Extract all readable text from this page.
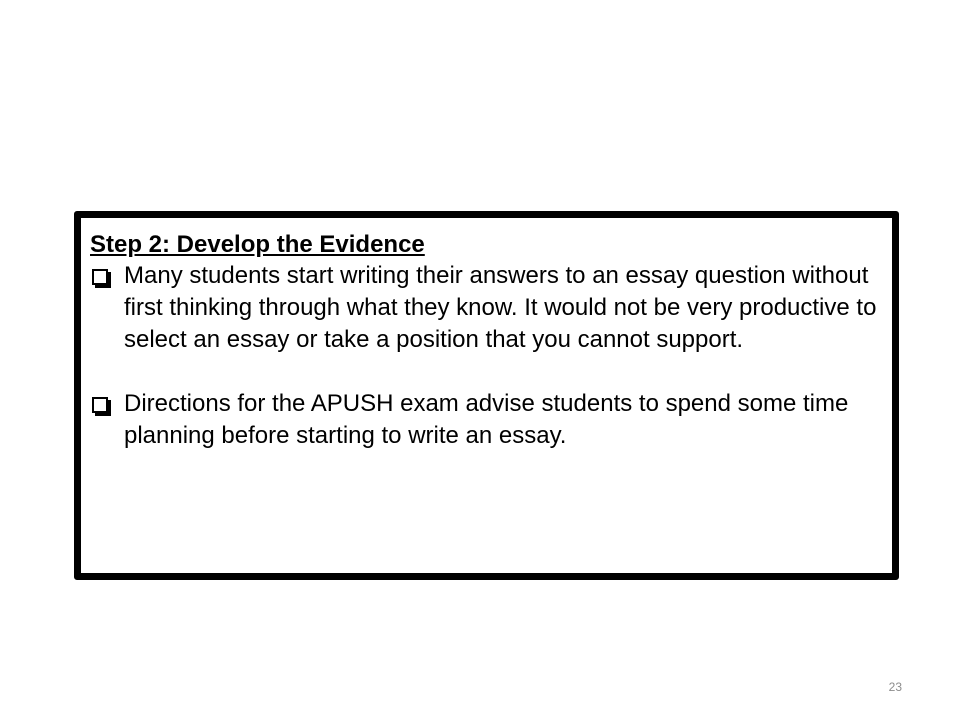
Step 2: Develop the Evidence

Many students start writing their answers to an essay question without first thinking through what they know. It would not be very productive to select an essay or take a position that you cannot support.
Directions for the APUSH exam advise students to spend some time planning before starting to write an essay.
23
